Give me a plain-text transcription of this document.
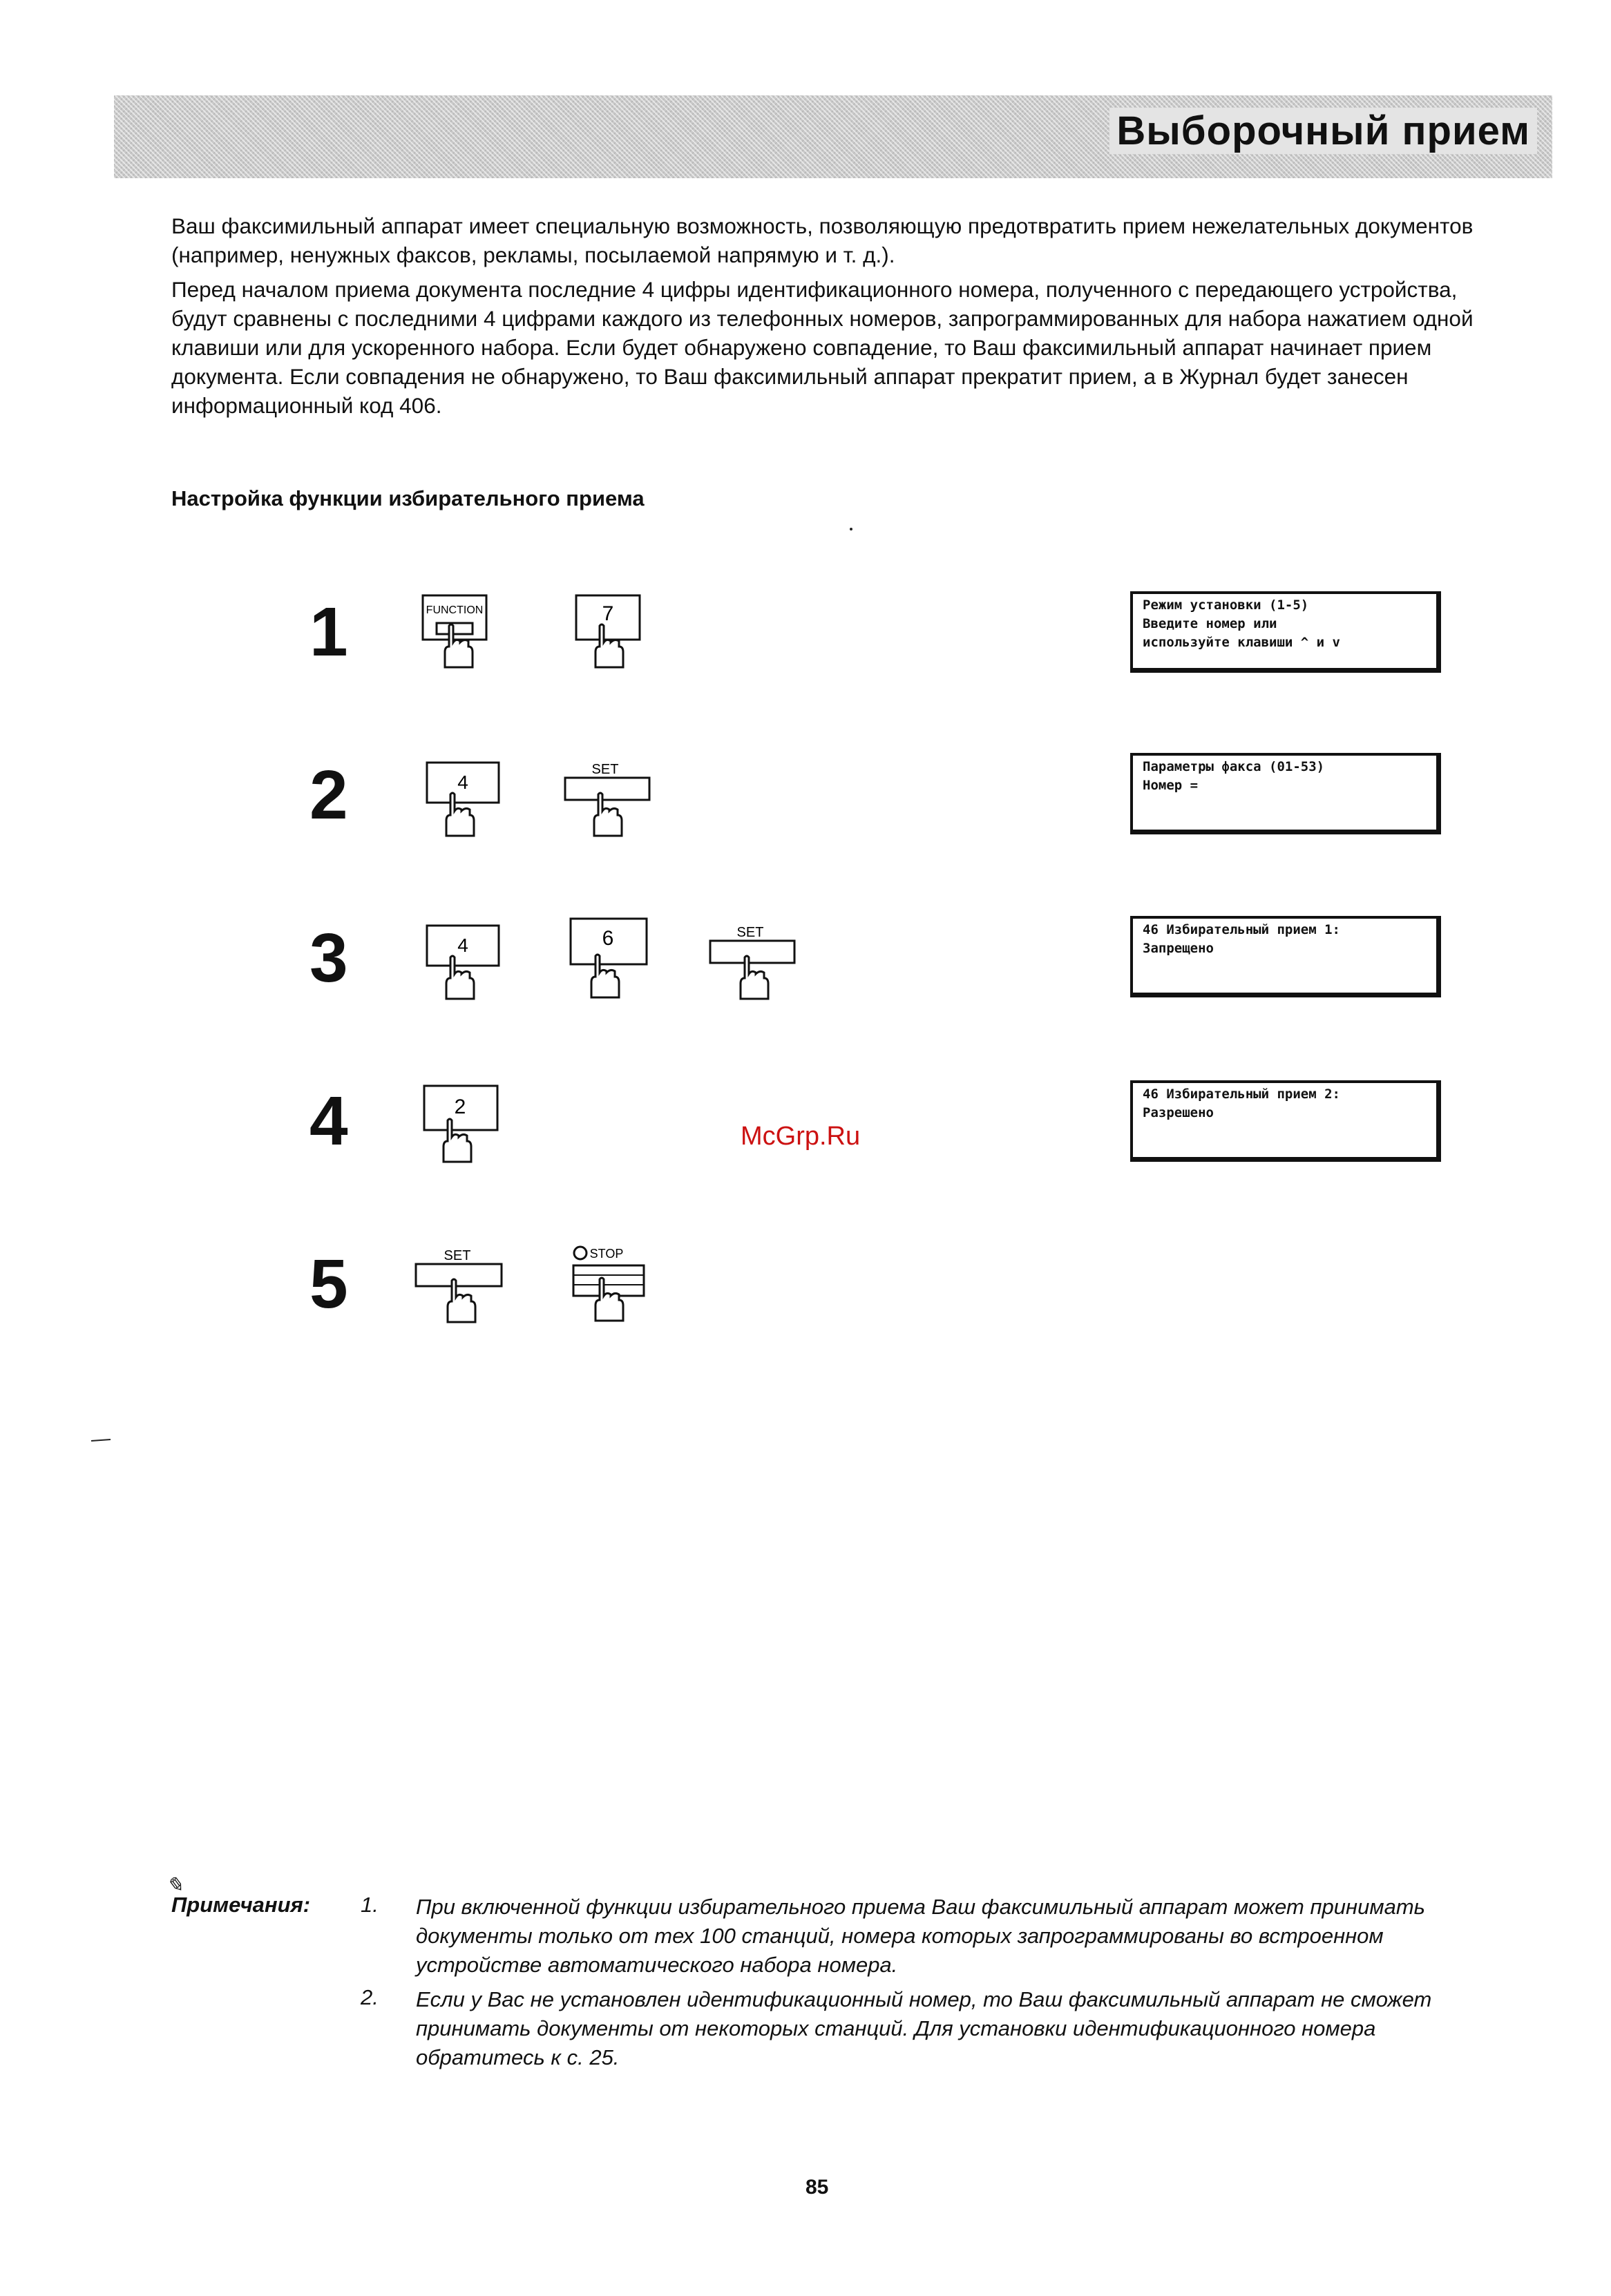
Выборочный прием
Ваш факсимильный аппарат имеет специальную возможность, позволяющую предотвратить прием нежелательных документов (например, ненужных факсов, рекламы, посылаемой напрямую и т. д.).
Перед началом приема документа последние 4 цифры идентификационного номера, полученного с передающего устройства, будут сравнены с последними 4 цифрами каждого из телефонных номеров, запрограммированных для набора нажатием одной клавиши или для ускоренного набора. Если будет обнаружено совпадение, то Ваш факсимильный аппарат начинает прием документа. Если совпадения не обнаружено, то Ваш факсимильный аппарат прекратит прием, а в Журнал будет занесен информационный код 406.
Настройка функции избирательного приема
1
2
3
4
5
FUNCTION	7
4
SET
4	6	SET
2
SET	STOP
Режим установки (1-5)
Введите номер или
используйте клавиши ^ и v
Параметры факса (01-53)
Номер =
46 Избирательный прием 1:
Запрещено
46 Избирательный прием 2:
Разрешено
McGrp.Ru
✎
Примечания: 1. При включенной функции избирательного приема Ваш факсимильный аппарат может принимать документы только от тех 100 станций, номера которых запрограммированы во встроенном устройстве автоматического набора номера.
2. Если у Вас не установлен идентификационный номер, то Ваш факсимильный аппарат не сможет принимать документы от некоторых станций. Для установки идентификационного номера обратитесь к с. 25.
85
